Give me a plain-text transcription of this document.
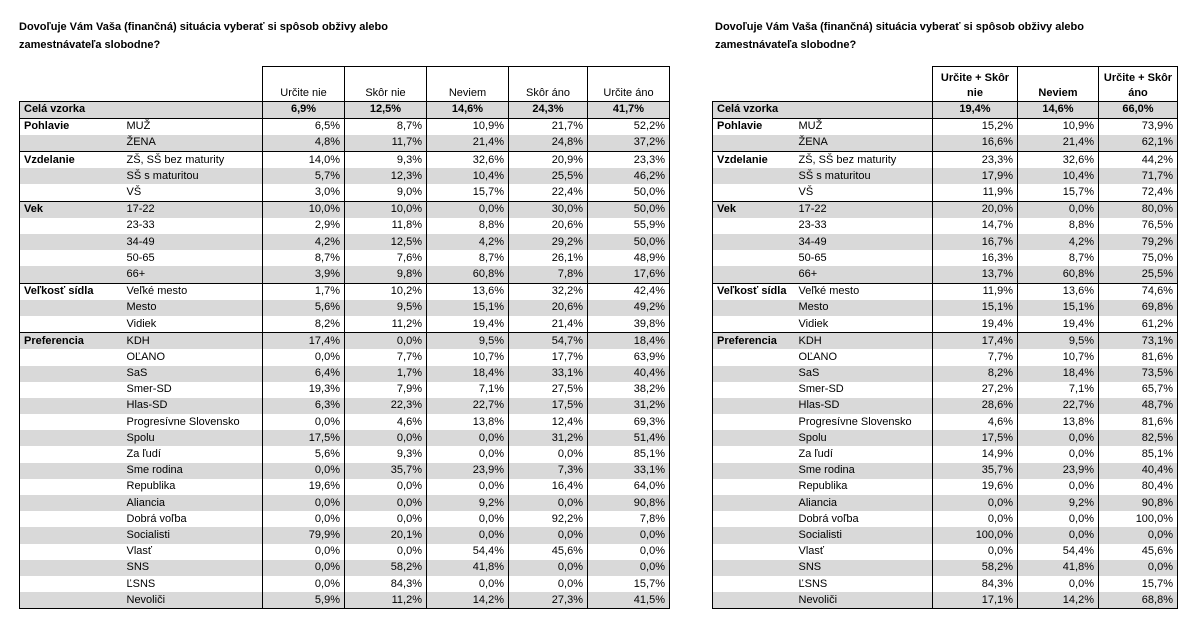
Dovoľuje Vám Vaša (finančná) situácia vyberať si spôsob obživy alebo zamestnávateľa slobodne?
		Určite nie	Skôr nie	Neviem	Skôr áno	Určite áno
Celá vzorka		6,9%	12,5%	14,6%	24,3%	41,7%
Pohlavie	MUŽ	6,5%	8,7%	10,9%	21,7%	52,2%
	ŽENA	4,8%	11,7%	21,4%	24,8%	37,2%
Vzdelanie	ZŠ, SŠ bez maturity	14,0%	9,3%	32,6%	20,9%	23,3%
	SŠ s maturitou	5,7%	12,3%	10,4%	25,5%	46,2%
	VŠ	3,0%	9,0%	15,7%	22,4%	50,0%
Vek	17-22	10,0%	10,0%	0,0%	30,0%	50,0%
	23-33	2,9%	11,8%	8,8%	20,6%	55,9%
	34-49	4,2%	12,5%	4,2%	29,2%	50,0%
	50-65	8,7%	7,6%	8,7%	26,1%	48,9%
	66+	3,9%	9,8%	60,8%	7,8%	17,6%
Veľkosť sídla	Veľké mesto	1,7%	10,2%	13,6%	32,2%	42,4%
	Mesto	5,6%	9,5%	15,1%	20,6%	49,2%
	Vidiek	8,2%	11,2%	19,4%	21,4%	39,8%
Preferencia	KDH	17,4%	0,0%	9,5%	54,7%	18,4%
	OĽANO	0,0%	7,7%	10,7%	17,7%	63,9%
	SaS	6,4%	1,7%	18,4%	33,1%	40,4%
	Smer-SD	19,3%	7,9%	7,1%	27,5%	38,2%
	Hlas-SD	6,3%	22,3%	22,7%	17,5%	31,2%
	Progresívne Slovensko	0,0%	4,6%	13,8%	12,4%	69,3%
	Spolu	17,5%	0,0%	0,0%	31,2%	51,4%
	Za ľudí	5,6%	9,3%	0,0%	0,0%	85,1%
	Sme rodina	0,0%	35,7%	23,9%	7,3%	33,1%
	Republika	19,6%	0,0%	0,0%	16,4%	64,0%
	Aliancia	0,0%	0,0%	9,2%	0,0%	90,8%
	Dobrá voľba	0,0%	0,0%	0,0%	92,2%	7,8%
	Socialisti	79,9%	20,1%	0,0%	0,0%	0,0%
	Vlasť	0,0%	0,0%	54,4%	45,6%	0,0%
	SNS	0,0%	58,2%	41,8%	0,0%	0,0%
	ĽSNS	0,0%	84,3%	0,0%	0,0%	15,7%
	Nevoliči	5,9%	11,2%	14,2%	27,3%	41,5%
Dovoľuje Vám Vaša (finančná) situácia vyberať si spôsob obživy alebo zamestnávateľa slobodne?
		Určite + Skôr nie	Neviem	Určite + Skôr áno
Celá vzorka		19,4%	14,6%	66,0%
Pohlavie	MUŽ	15,2%	10,9%	73,9%
	ŽENA	16,6%	21,4%	62,1%
Vzdelanie	ZŠ, SŠ bez maturity	23,3%	32,6%	44,2%
	SŠ s maturitou	17,9%	10,4%	71,7%
	VŠ	11,9%	15,7%	72,4%
Vek	17-22	20,0%	0,0%	80,0%
	23-33	14,7%	8,8%	76,5%
	34-49	16,7%	4,2%	79,2%
	50-65	16,3%	8,7%	75,0%
	66+	13,7%	60,8%	25,5%
Veľkosť sídla	Veľké mesto	11,9%	13,6%	74,6%
	Mesto	15,1%	15,1%	69,8%
	Vidiek	19,4%	19,4%	61,2%
Preferencia	KDH	17,4%	9,5%	73,1%
	OĽANO	7,7%	10,7%	81,6%
	SaS	8,2%	18,4%	73,5%
	Smer-SD	27,2%	7,1%	65,7%
	Hlas-SD	28,6%	22,7%	48,7%
	Progresívne Slovensko	4,6%	13,8%	81,6%
	Spolu	17,5%	0,0%	82,5%
	Za ľudí	14,9%	0,0%	85,1%
	Sme rodina	35,7%	23,9%	40,4%
	Republika	19,6%	0,0%	80,4%
	Aliancia	0,0%	9,2%	90,8%
	Dobrá voľba	0,0%	0,0%	100,0%
	Socialisti	100,0%	0,0%	0,0%
	Vlasť	0,0%	54,4%	45,6%
	SNS	58,2%	41,8%	0,0%
	ĽSNS	84,3%	0,0%	15,7%
	Nevoliči	17,1%	14,2%	68,8%
